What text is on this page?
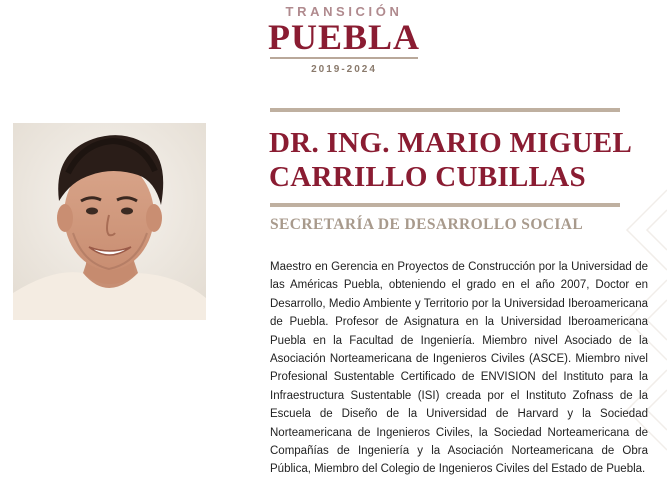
TRANSICIÓN
PUEBLA
2019-2024
DR. ING. MARIO MIGUEL
CARRILLO CUBILLAS
SECRETARÍA DE DESARROLLO SOCIAL

Maestro en Gerencia en Proyectos de Construcción por la Universidad de las Américas Puebla, obteniendo el grado en el año 2007, Doctor en Desarrollo, Medio Ambiente y Territorio por la Universidad Iberoamericana de Puebla. Profesor de Asignatura en la Universidad Iberoamericana Puebla en la Facultad de Ingeniería. Miembro nivel Asociado de la Asociación Norteamericana de Ingenieros Civiles (ASCE). Miembro nivel Profesional Sustentable Certificado de ENVISION del Instituto para la Infraestructura Sustentable (ISI) creada por el Instituto Zofnass de la Escuela de Diseño de la Universidad de Harvard y la Sociedad Norteamericana de Ingenieros Civiles, la Sociedad Norteamericana de Compañías de Ingeniería y la Asociación Norteamericana de Obra Pública, Miembro del Colegio de Ingenieros Civiles del Estado de Puebla.
